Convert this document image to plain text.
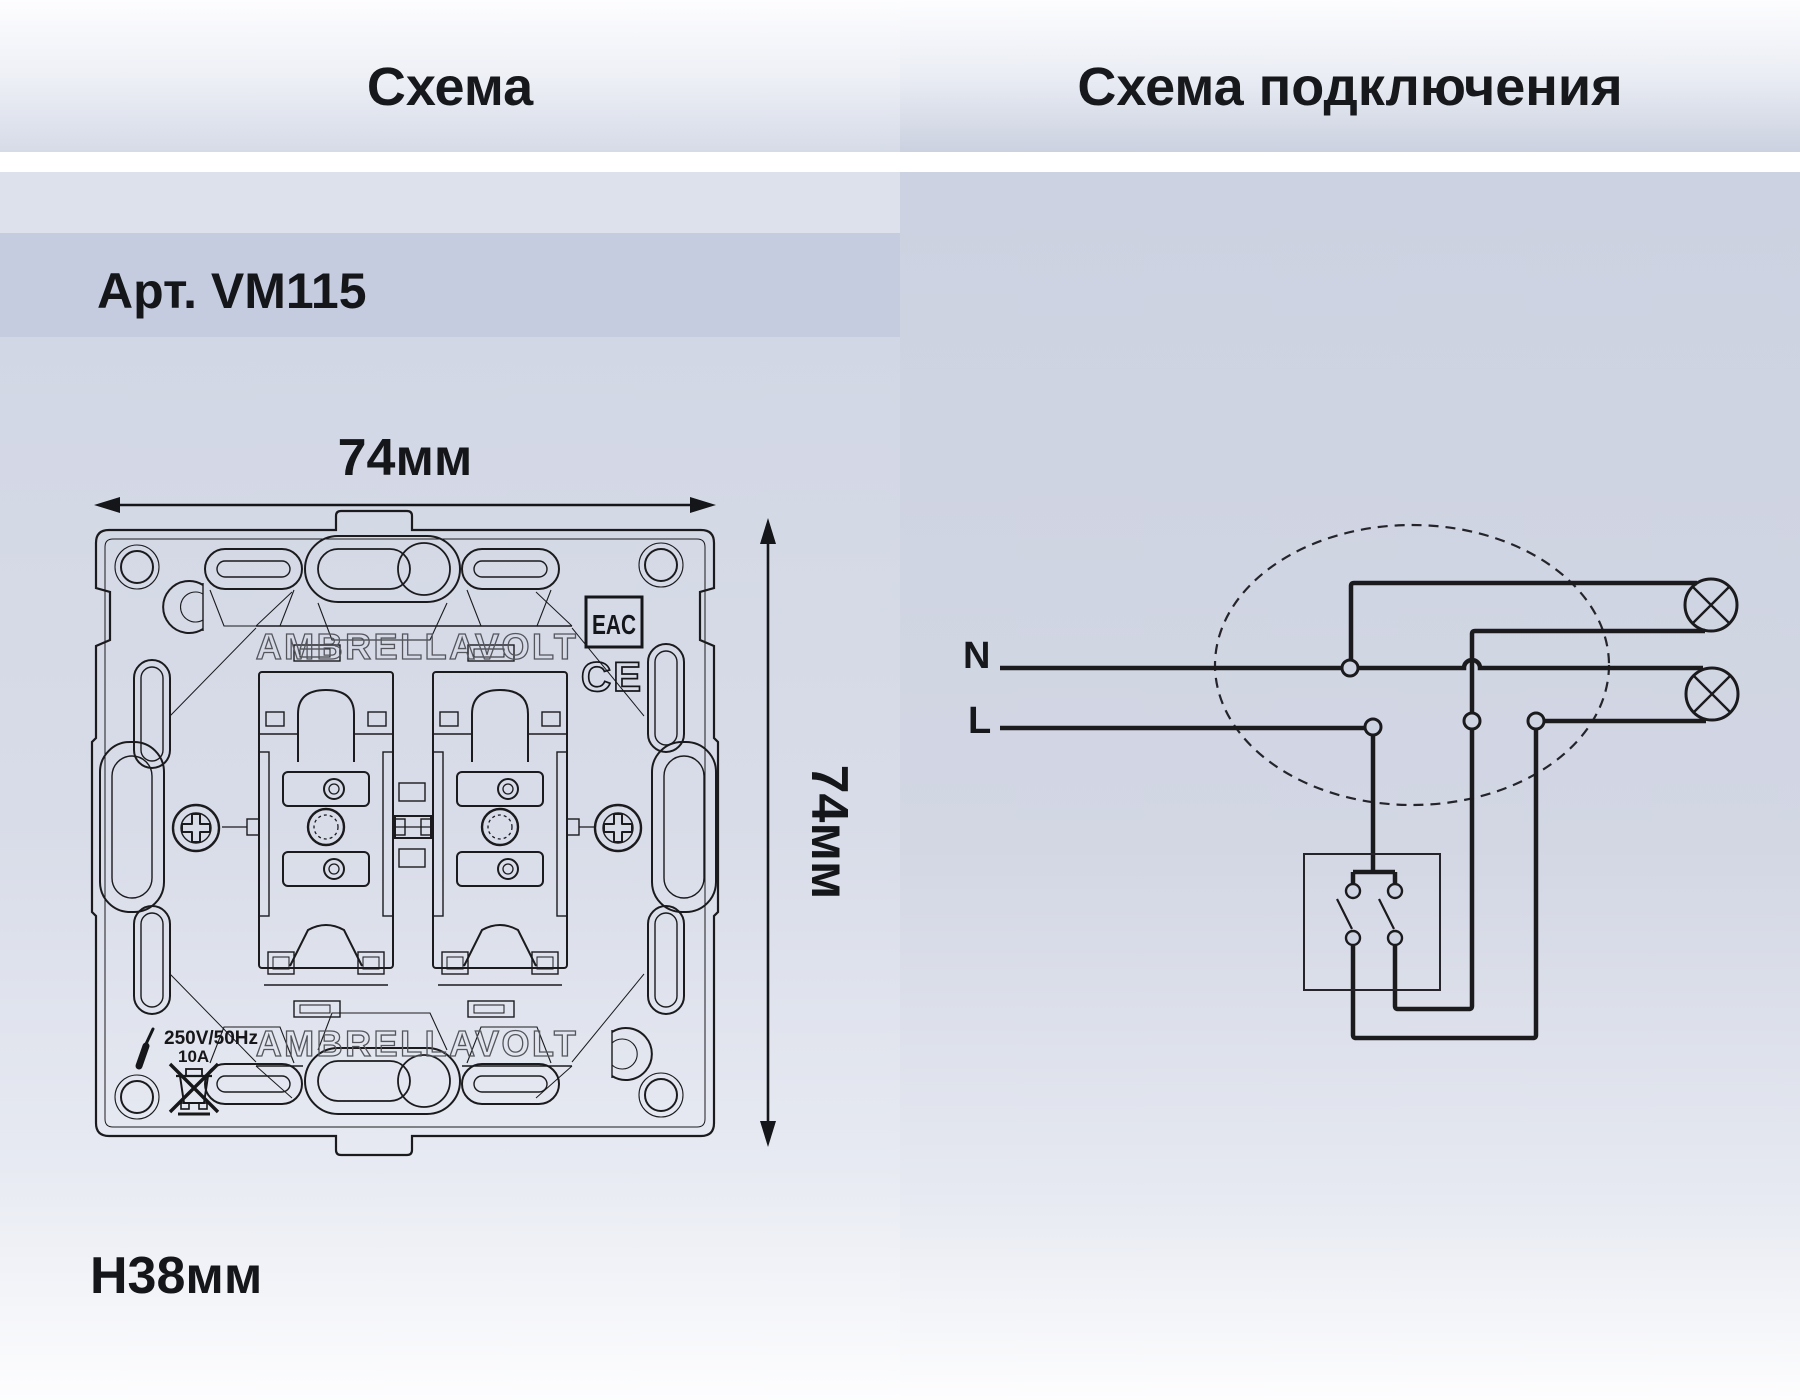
Схема	Схема подключения
Арт. VM115
H38мм
74мм
74мм
AMBRELLAVOLT
AMBRELLAVOLT
EAC
CE
250V/50Hz
10A
N
L
